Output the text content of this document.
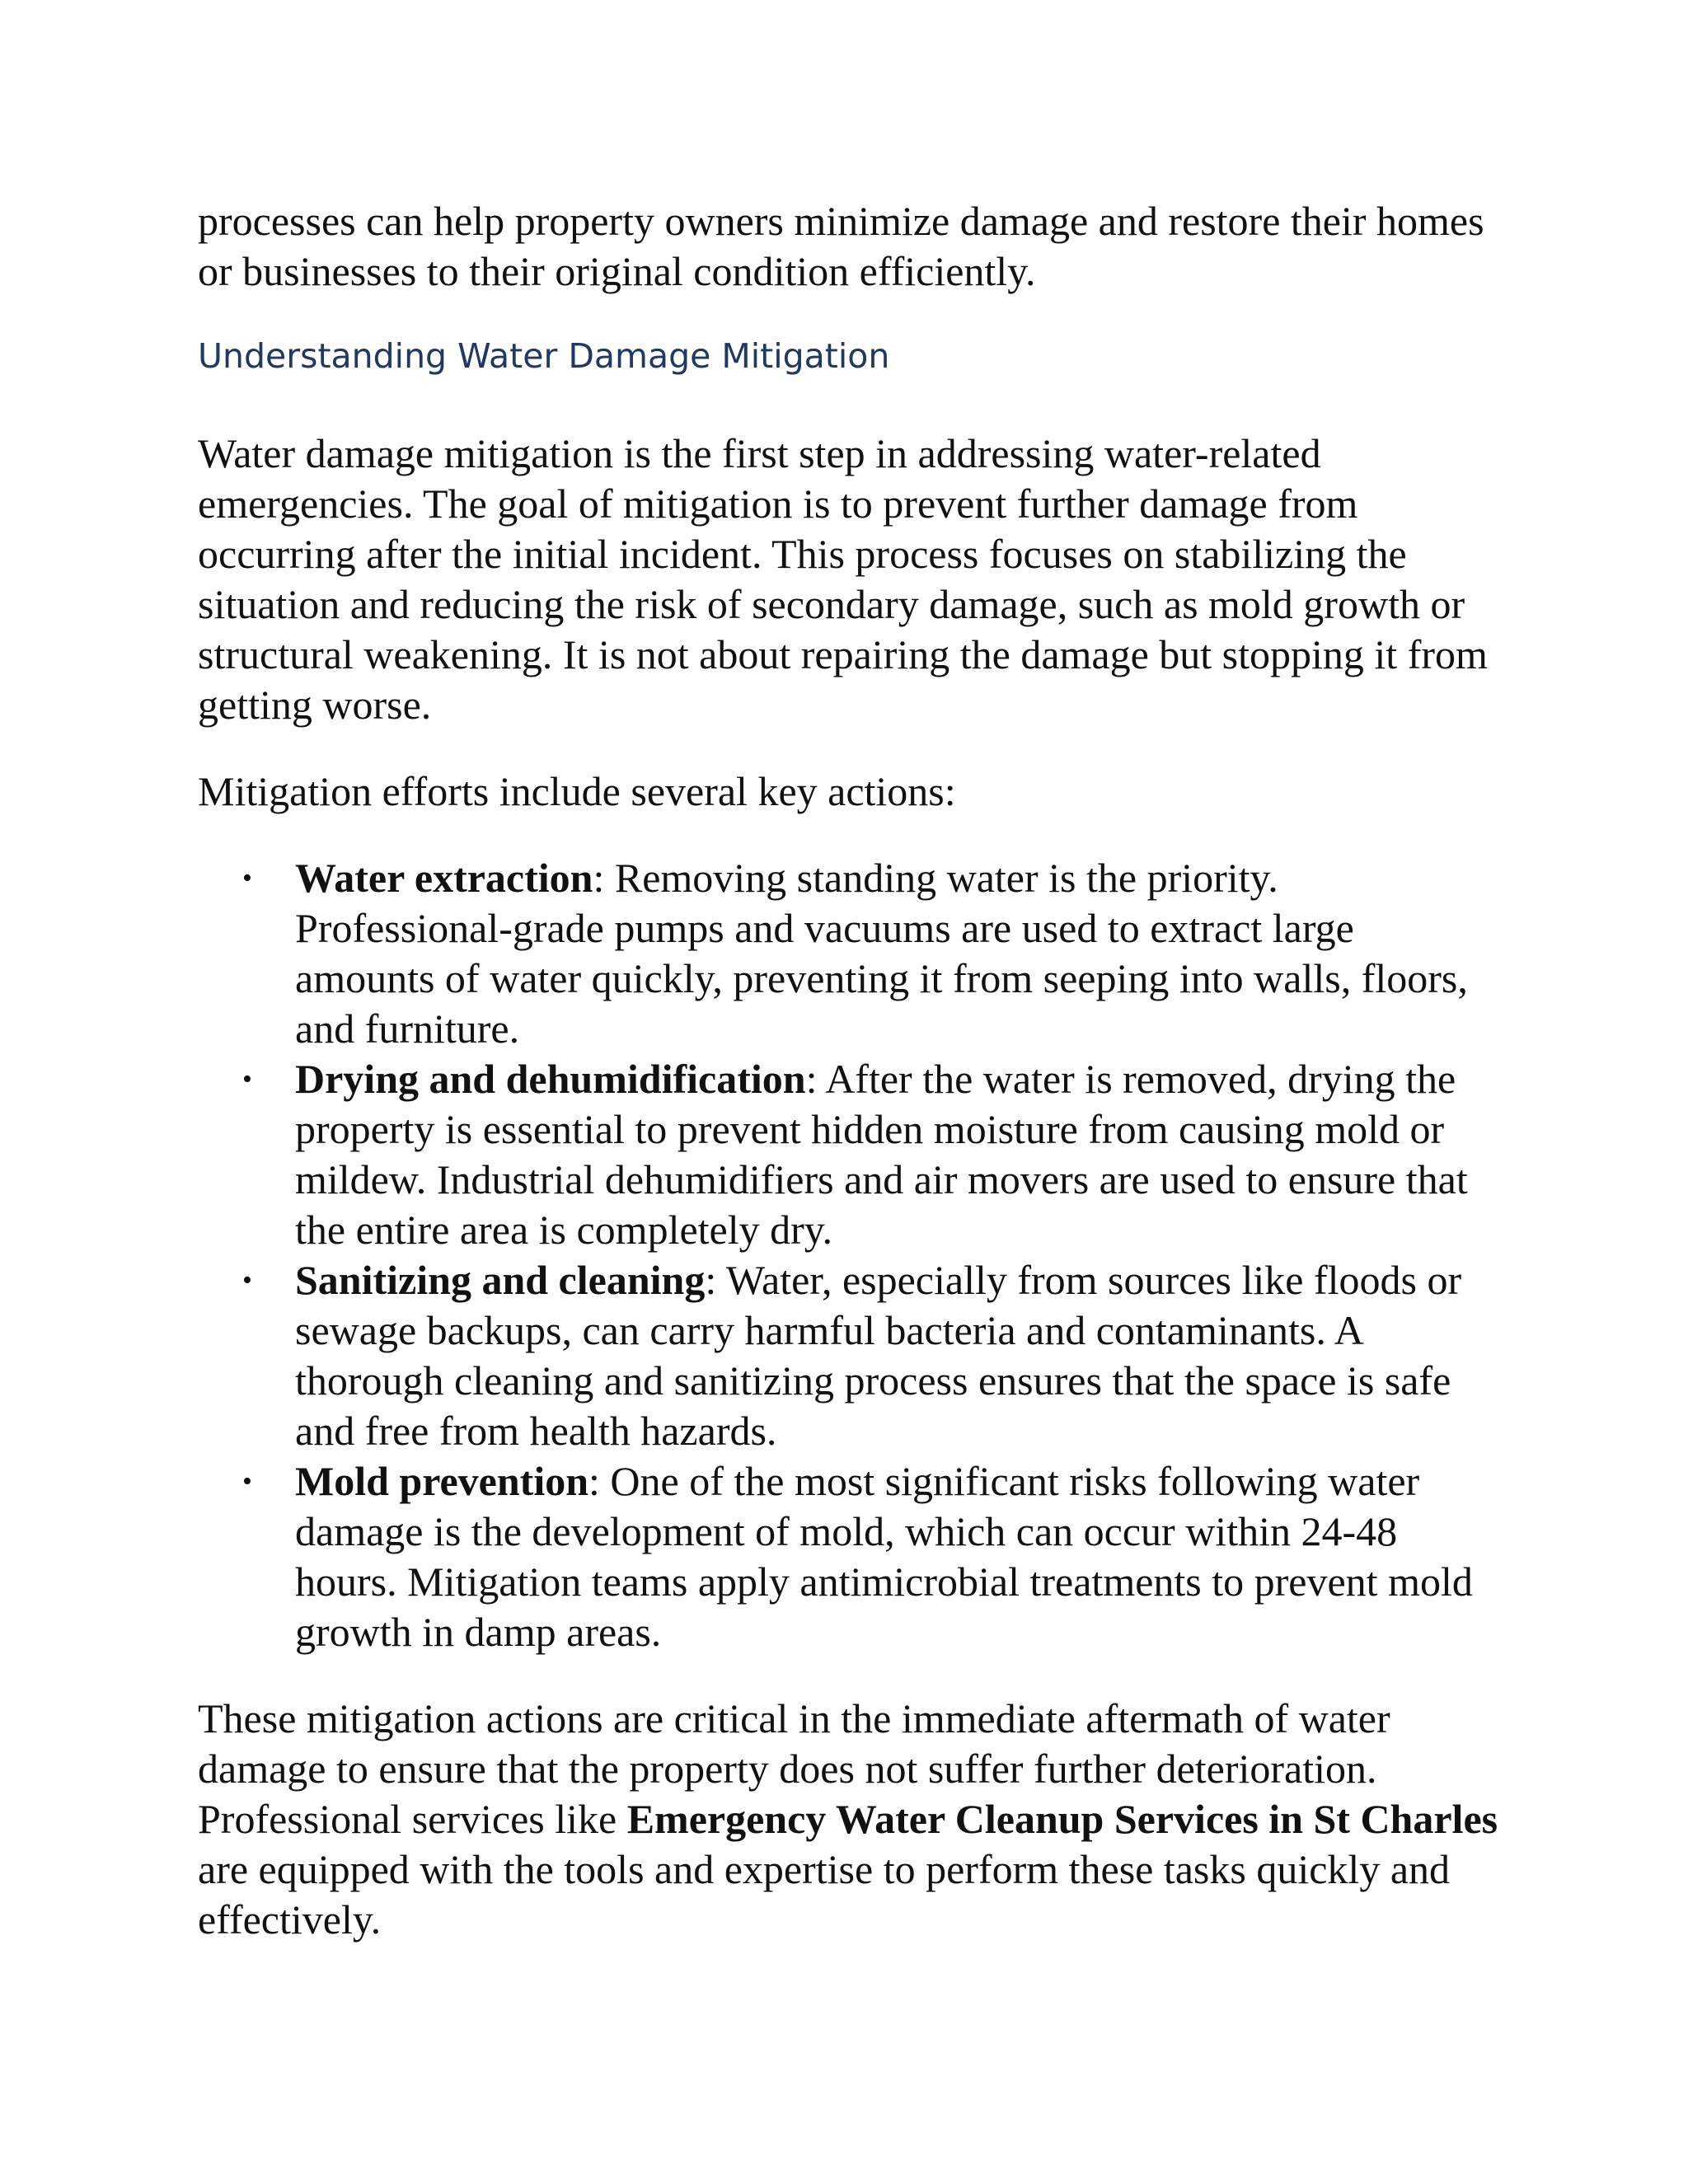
processes can help property owners minimize damage and restore their homes or businesses to their original condition efficiently.

Understanding Water Damage Mitigation

Water damage mitigation is the first step in addressing water-related emergencies. The goal of mitigation is to prevent further damage from occurring after the initial incident. This process focuses on stabilizing the situation and reducing the risk of secondary damage, such as mold growth or structural weakening. It is not about repairing the damage but stopping it from getting worse.

Mitigation efforts include several key actions:

• Water extraction: Removing standing water is the priority. Professional-grade pumps and vacuums are used to extract large amounts of water quickly, preventing it from seeping into walls, floors, and furniture.
• Drying and dehumidification: After the water is removed, drying the property is essential to prevent hidden moisture from causing mold or mildew. Industrial dehumidifiers and air movers are used to ensure that the entire area is completely dry.
• Sanitizing and cleaning: Water, especially from sources like floods or sewage backups, can carry harmful bacteria and contaminants. A thorough cleaning and sanitizing process ensures that the space is safe and free from health hazards.
• Mold prevention: One of the most significant risks following water damage is the development of mold, which can occur within 24-48 hours. Mitigation teams apply antimicrobial treatments to prevent mold growth in damp areas.

These mitigation actions are critical in the immediate aftermath of water damage to ensure that the property does not suffer further deterioration. Professional services like Emergency Water Cleanup Services in St Charles are equipped with the tools and expertise to perform these tasks quickly and effectively.
